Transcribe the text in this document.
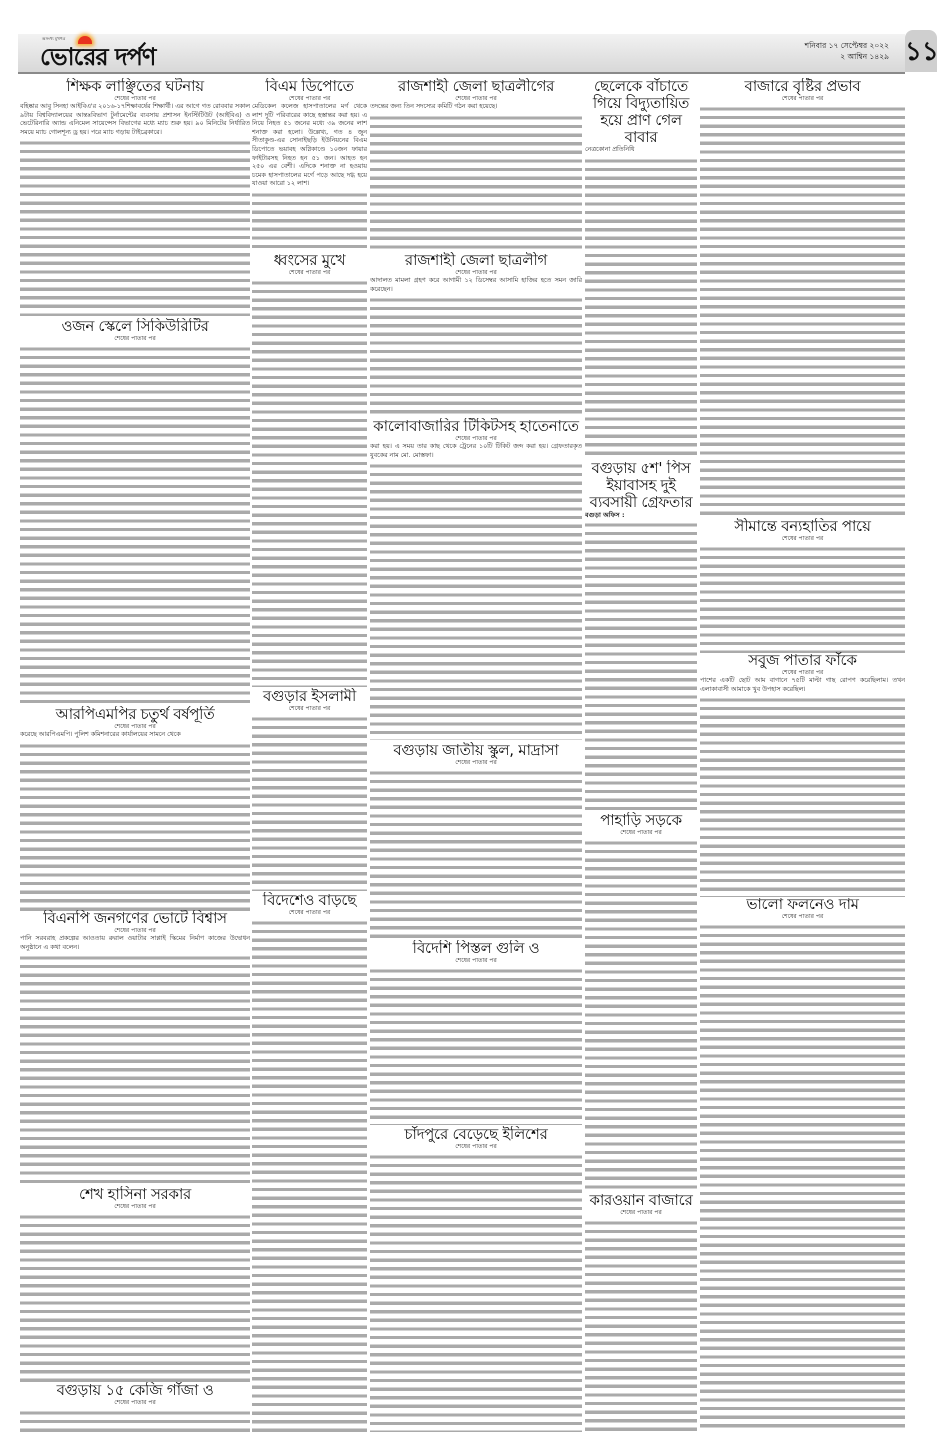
অসংখ্য মুখপত্র
ভোরের দর্পণ	শনিবার ১৭ সেপ্টেম্বর ২০২২
২ আশ্বিন ১৪২৯ ১১
শিক্ষক লাঞ্ছিতের ঘটনায়
শেষের পাতার পর

বহিষ্কার আবু সিনহা আইবিএ'র ২০১৬-১৭শিক্ষাবর্ষের শিক্ষার্থী। এর আগে গত রোববার সকাল ৯টায় বিশ্ববিদ্যালয়ের আন্তঃবিভাগ টুর্নামেন্টের ব্যবসায় প্রশাসন ইনস্টিটিউট (আইবিএ) ও ভেটেরিনারি অ্যান্ড এনিমেল সায়েন্সেস বিভাগের মধ্যে ম্যাচ শুরু হয়। ৯০ মিনিটের নির্ধারিত সময়ে ম্যাচ গোলশূন্য ড্র হয়। পরে ম্যাচ গড়ায় টাইব্রেকারে।

বিএম ডিপোতে
শেষের পাতার পর

মেডিকেল কলেজ হাসপাতালের মর্গ থেকে লাশ দুটি পরিবারের কাছে হস্তান্তর করা হয়। এ নিয়ে নিহত ৫১ জনের মধ্যে ৩৯ জনের লাশ শনাক্ত করা হলো। উল্লেখ্য, গত ৪ জুন সীতাকুণ্ড-এর সোনাইছড়ি ইউনিয়নের বিএম ডিপোতে ভয়াবহ অগ্নিকাণ্ডে ১০জন ফায়ার ফাইটারসহ নিহত হন ৫১ জন। আহত হন ২৫০ এর বেশী। এদিকে শনাক্ত না হওয়ায় চমেক হাসপাতালের মর্গে পড়ে আছে দগ্ধ হয়ে যাওয়া আরো ১২ লাশ।

রাজশাহী জেলা ছাত্রলীগের
শেষের পাতার পর

তদন্তের জন্য তিন সদস্যের কমিটি গঠন করা হয়েছে।

ছেলেকে বাঁচাতে গিয়ে বিদ্যুতায়িত হয়ে প্রাণ গেল বাবার

নেত্রকোনা প্রতিনিধি

বাজারে বৃষ্টির প্রভাব
শেষের পাতার পর
ওজন স্কেলে সিকিউরিটির
শেষের পাতার পর
ধ্বংসের মুখে
শেষের পাতার পর
রাজশাহী জেলা ছাত্রলীগ
শেষের পাতার পর

আদালত মামলা গ্রহণ করে আগামী ১২ ডিসেম্বর আসামি হাজির হতে সমন জারি করেছেন।

কালোবাজারির টিকিটসহ হাতেনাতে
শেষের পাতার পর

করা হয়। এ সময় তার কাছ থেকে ট্রেনের ১০টি টিকিট জব্দ করা হয়। গ্রেফতারকৃত যুবকের নাম মো. মোস্তফা।

বগুড়ায় ৫শ' পিস ইয়াবাসহ দুই ব্যবসায়ী গ্রেফতার
বগুড়া অফিস :
সীমান্তে বন্যহাতির পায়ে
শেষের পাতার পর
সবুজ পাতার ফাঁকে
শেষের পাতার পর

পাশের একটি ছোট আম বাগানে ৭৫টি মাল্টা গাছ রোপণ করেছিলাম। তখন এলাকাবাসী আমাকে খুব উপহাস করেছিল।

আরপিএমপির চতুর্থ বর্ষপূর্তি
শেষের পাতার পর

করেছে আরপিএমপি। পুলিশ কমিশনারের কার্যালয়ের সামনে থেকে

বগুড়ার ইসলামী
শেষের পাতার পর
বগুড়ায় জাতীয় স্কুল, মাদ্রাসা
শেষের পাতার পর
পাহাড়ি সড়কে
শেষের পাতার পর
বিএনপি জনগণের ভোটে বিশ্বাস
শেষের পাতার পর

পানি সরবরাহ প্রকল্পের আওতায় রুরাল ওয়াটার সাপ্লাই স্কিমের নির্মাণ কাজের উদ্বোধন অনুষ্ঠানে এ কথা বলেন।

বিদেশেও বাড়ছে
শেষের পাতার পর
বিদেশি পিস্তল গুলি ও
শেষের পাতার পর
ভালো ফলনেও দাম
শেষের পাতার পর
চাঁদপুরে বেড়েছে ইলিশের
শেষের পাতার পর
শেখ হাসিনা সরকার
শেষের পাতার পর	কারওয়ান বাজারে
শেষের পাতার পর
বগুড়ায় ১৫ কেজি গাঁজা ও
শেষের পাতার পর
